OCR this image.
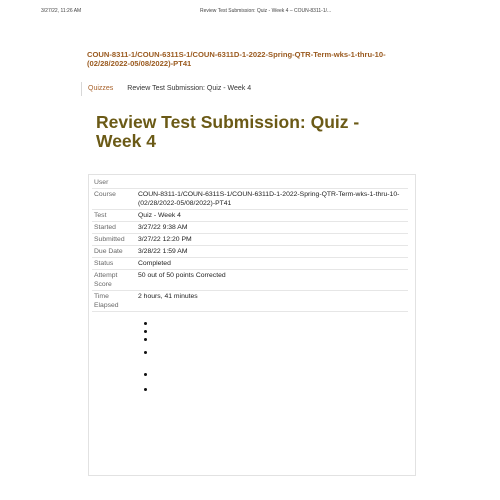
3/27/22, 11:26 AM	Review Test Submission: Quiz - Week 4 – COUN-8311-1/...
COUN-8311-1/COUN-6311S-1/COUN-6311D-1-2022-Spring-QTR-Term-wks-1-thru-10-(02/28/2022-05/08/2022)-PT41
Quizzes Review Test Submission: Quiz - Week 4
Review Test Submission: Quiz - Week 4
User	
Course	COUN-8311-1/COUN-6311S-1/COUN-6311D-1-2022-Spring-QTR-Term-wks-1-thru-10-(02/28/2022-05/08/2022)-PT41
Test	Quiz - Week 4
Started	3/27/22 9:38 AM
Submitted	3/27/22 12:20 PM
Due Date	3/28/22 1:59 AM
Status	Completed
Attempt Score	50 out of 50 points Corrected
Time Elapsed	2 hours, 41 minutes
